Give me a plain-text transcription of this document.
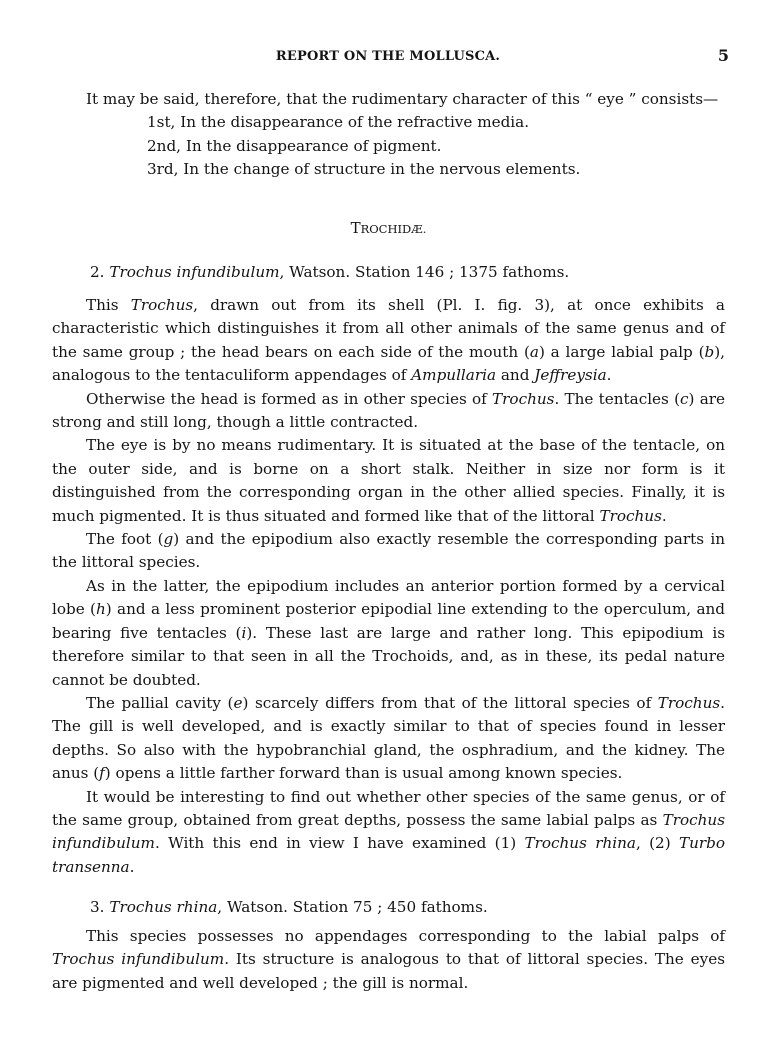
REPORT ON THE MOLLUSCA.	5

It may be said, therefore, that the rudimentary character of this “ eye ” consists—

1st, In the disappearance of the refractive media.

2nd, In the disappearance of pigment.

3rd, In the change of structure in the nervous elements.

TROCHIDÆ.

2. Trochus infundibulum, Watson. Station 146 ; 1375 fathoms.

This Trochus, drawn out from its shell (Pl. I. fig. 3), at once exhibits a characteristic which distinguishes it from all other animals of the same genus and of the same group ; the head bears on each side of the mouth (a) a large labial palp (b), analogous to the tentaculiform appendages of Ampullaria and Jeffreysia.

Otherwise the head is formed as in other species of Trochus. The tentacles (c) are strong and still long, though a little contracted.

The eye is by no means rudimentary. It is situated at the base of the tentacle, on the outer side, and is borne on a short stalk. Neither in size nor form is it distinguished from the corresponding organ in the other allied species. Finally, it is much pigmented. It is thus situated and formed like that of the littoral Trochus.

The foot (g) and the epipodium also exactly resemble the corresponding parts in the littoral species.

As in the latter, the epipodium includes an anterior portion formed by a cervical lobe (h) and a less prominent posterior epipodial line extending to the operculum, and bearing five tentacles (i). These last are large and rather long. This epipodium is therefore similar to that seen in all the Trochoids, and, as in these, its pedal nature cannot be doubted.

The pallial cavity (e) scarcely differs from that of the littoral species of Trochus. The gill is well developed, and is exactly similar to that of species found in lesser depths. So also with the hypobranchial gland, the osphradium, and the kidney. The anus (f) opens a little farther forward than is usual among known species.

It would be interesting to find out whether other species of the same genus, or of the same group, obtained from great depths, possess the same labial palps as Trochus infundibulum. With this end in view I have examined (1) Trochus rhina, (2) Turbo transenna.

3. Trochus rhina, Watson. Station 75 ; 450 fathoms.

This species possesses no appendages corresponding to the labial palps of Trochus infundibulum. Its structure is analogous to that of littoral species. The eyes are pigmented and well developed ; the gill is normal.
